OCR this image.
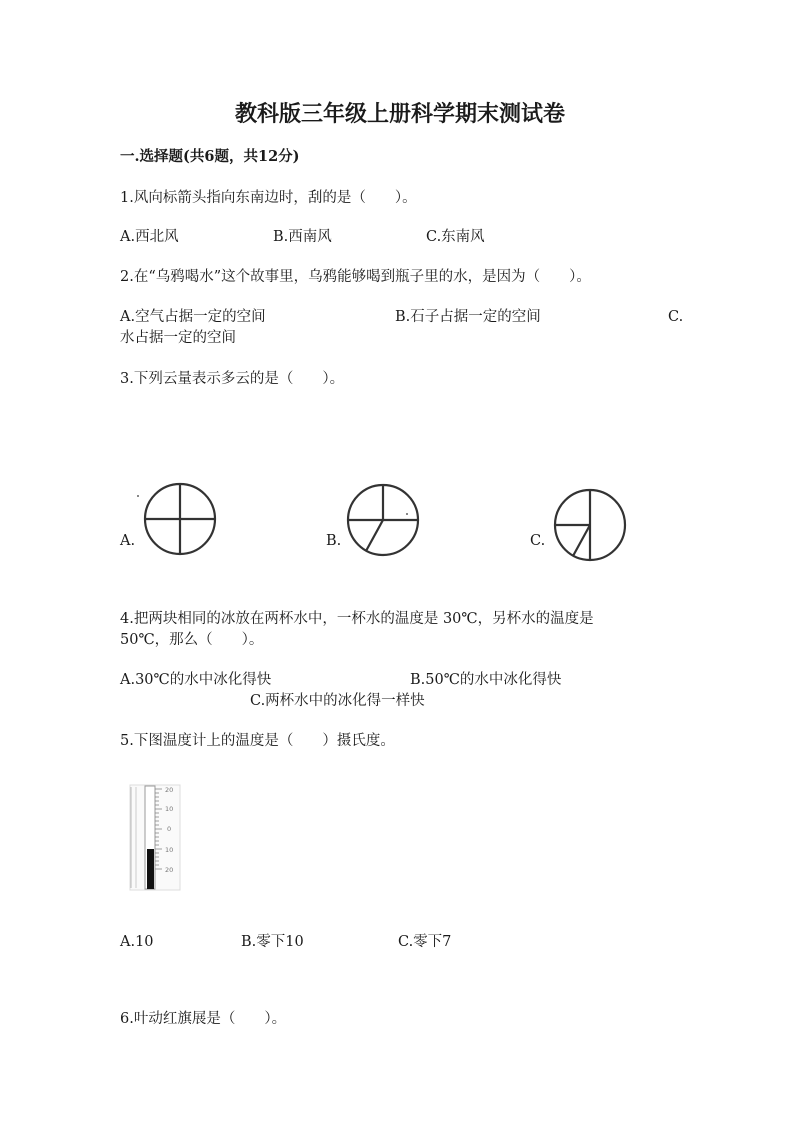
教科版三年级上册科学期末测试卷
一.选择题(共6题，共12分)
1.风向标箭头指向东南边时，刮的是（　　）。
A.西北风	B.西南风	C.东南风
2.在“乌鸦喝水”这个故事里，乌鸦能够喝到瓶子里的水，是因为（　　）。
A.空气占据一定的空间	B.石子占据一定的空间	C.
水占据一定的空间
3.下列云量表示多云的是（　　）。
A.	B.	C.
4.把两块相同的冰放在两杯水中，一杯水的温度是 30℃，另杯水的温度是
50℃，那么（　　）。
A.30℃的水中冰化得快	B.50℃的水中冰化得快
C.两杯水中的冰化得一样快
5.下图温度计上的温度是（　　）摄氏度。
20
10
0
10
20
A.10	B.零下10	C.零下7
6.叶动红旗展是（　　）。
